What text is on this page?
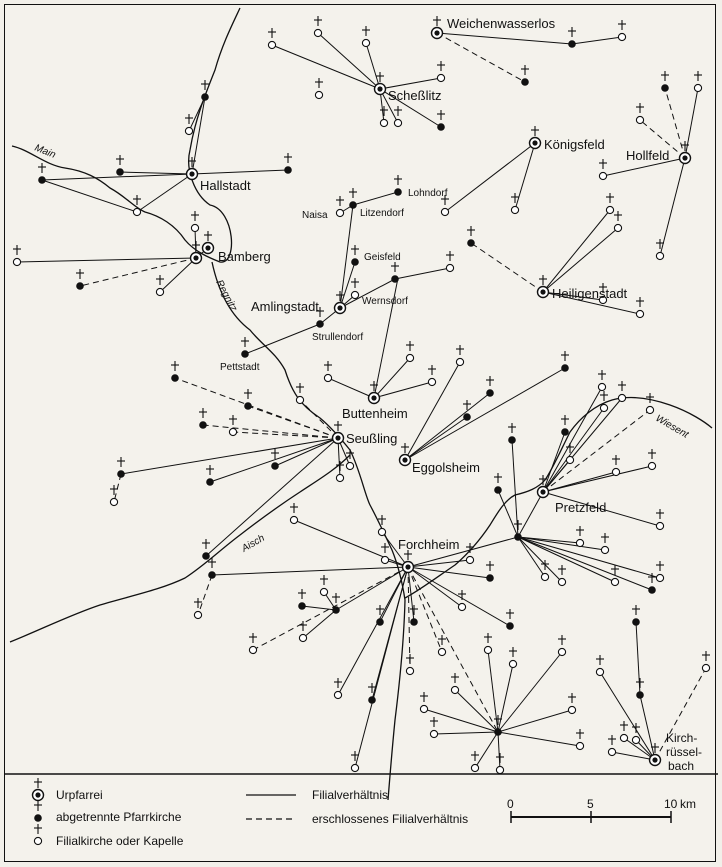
Weichenwasserlos
Scheßlitz
Königsfeld
Hollfeld
Hallstadt
Bamberg
Amlingstadt
Heiligenstadt
Buttenheim
Seußling
Eggolsheim
Pretzfeld
Forchheim
Kirch-
rüssel-
bach
Lohndorf
Litzendorf
Naisa
Geisfeld
Wernsdorf
Strullendorf
Pettstadt
Main
Regnitz
Aisch
Wiesent
Urpfarrei
abgetrennte Pfarrkirche
Filialkirche oder Kapelle
Filialverhältnis
erschlossenes Filialverhältnis
0	5	10 km
